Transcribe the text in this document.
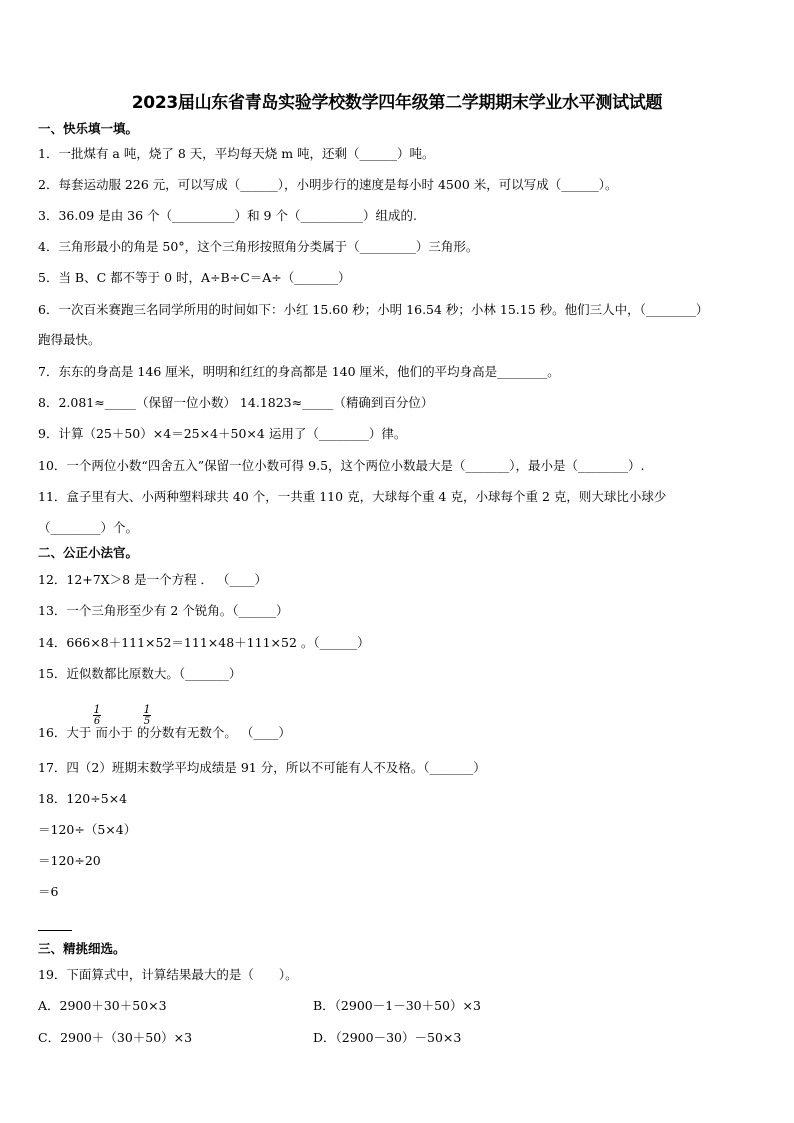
2023届山东省青岛实验学校数学四年级第二学期期末学业水平测试试题
一、快乐填一填。
1．一批煤有 a 吨，烧了 8 天，平均每天烧 m 吨，还剩（______）吨。
2．每套运动服 226 元，可以写成（______），小明步行的速度是每小时 4500 米，可以写成（______）。
3．36.09 是由 36 个（__________）和 9 个（__________）组成的.
4．三角形最小的角是 50°，这个三角形按照角分类属于（_________）三角形。
5．当 B、C 都不等于 0 时，A÷B÷C＝A÷（_______）
6．一次百米赛跑三名同学所用的时间如下：小红 15.60 秒；小明 16.54 秒；小林 15.15 秒。他们三人中，（________）
跑得最快。
7．东东的身高是 146 厘米，明明和红红的身高都是 140 厘米，他们的平均身高是________。
8．2.081≈_____（保留一位小数） 14.1823≈_____（精确到百分位）
9．计算（25＋50）×4＝25×4＋50×4 运用了（________）律。
10．一个两位小数“四舍五入”保留一位小数可得 9.5，这个两位小数最大是（_______），最小是（________）.
11．盒子里有大、小两种塑料球共 40 个，一共重 110 克，大球每个重 4 克，小球每个重 2 克，则大球比小球少
（________）个。
二、公正小法官。
12．12+7X＞8 是一个方程 ． （____）
13．一个三角形至少有 2 个锐角。（______）
14．666×8＋111×52＝111×48＋111×52 。（______）
15．近似数都比原数大。（_______）
$\frac{1}{6}$	$\frac{1}{5}$
16．大于 而小于 的分数有无数个。 （____）
17．四（2）班期末数学平均成绩是 91 分，所以不可能有人不及格。（_______）
18．120÷5×4
＝120÷（5×4）
＝120÷20
＝6
三、精挑细选。
19．下面算式中，计算结果最大的是（　　）。
A．2900＋30＋50×3	B．（2900－1－30＋50）×3
C．2900＋（30＋50）×3	D．（2900－30）－50×3
